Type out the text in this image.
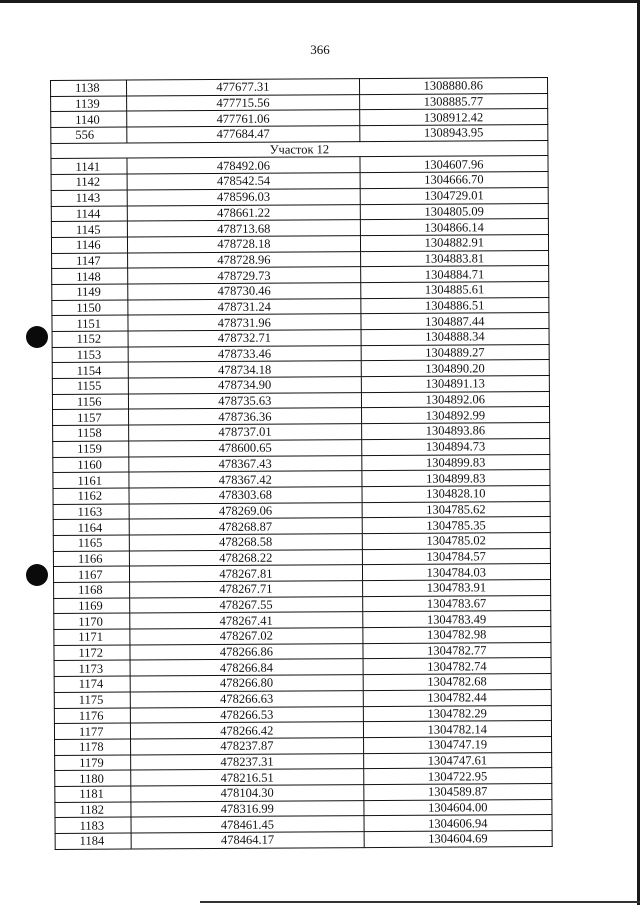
366
1138	477677.31	1308880.86
1139	477715.56	1308885.77
1140	477761.06	1308912.42
556	477684.47	1308943.95
Участок 12		
1141	478492.06	1304607.96
1142	478542.54	1304666.70
1143	478596.03	1304729.01
1144	478661.22	1304805.09
1145	478713.68	1304866.14
1146	478728.18	1304882.91
1147	478728.96	1304883.81
1148	478729.73	1304884.71
1149	478730.46	1304885.61
1150	478731.24	1304886.51
1151	478731.96	1304887.44
1152	478732.71	1304888.34
1153	478733.46	1304889.27
1154	478734.18	1304890.20
1155	478734.90	1304891.13
1156	478735.63	1304892.06
1157	478736.36	1304892.99
1158	478737.01	1304893.86
1159	478600.65	1304894.73
1160	478367.43	1304899.83
1161	478367.42	1304899.83
1162	478303.68	1304828.10
1163	478269.06	1304785.62
1164	478268.87	1304785.35
1165	478268.58	1304785.02
1166	478268.22	1304784.57
1167	478267.81	1304784.03
1168	478267.71	1304783.91
1169	478267.55	1304783.67
1170	478267.41	1304783.49
1171	478267.02	1304782.98
1172	478266.86	1304782.77
1173	478266.84	1304782.74
1174	478266.80	1304782.68
1175	478266.63	1304782.44
1176	478266.53	1304782.29
1177	478266.42	1304782.14
1178	478237.87	1304747.19
1179	478237.31	1304747.61
1180	478216.51	1304722.95
1181	478104.30	1304589.87
1182	478316.99	1304604.00
1183	478461.45	1304606.94
1184	478464.17	1304604.69
